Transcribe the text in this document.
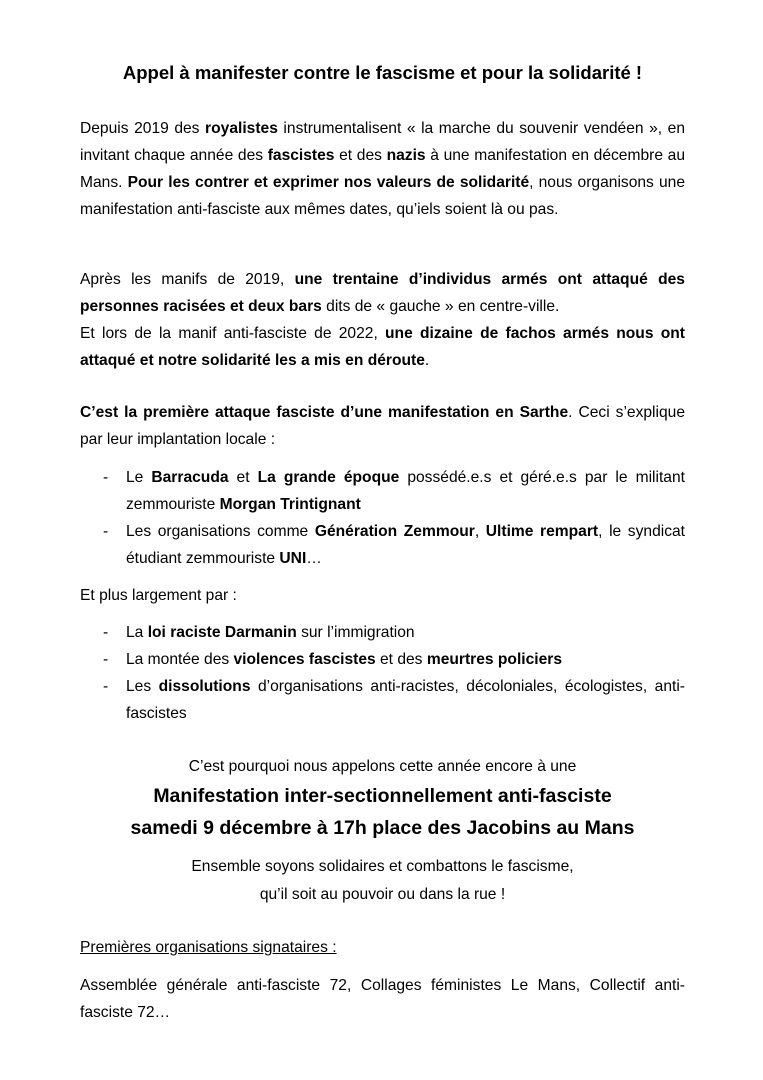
Appel à manifester contre le fascisme et pour la solidarité !

Depuis 2019 des royalistes instrumentalisent « la marche du souvenir vendéen », en invitant chaque année des fascistes et des nazis à une manifestation en décembre au Mans. Pour les contrer et exprimer nos valeurs de solidarité, nous organisons une manifestation anti-fasciste aux mêmes dates, qu’iels soient là ou pas.

Après les manifs de 2019, une trentaine d’individus armés ont attaqué des personnes racisées et deux bars dits de « gauche » en centre-ville.
Et lors de la manif anti-fasciste de 2022, une dizaine de fachos armés nous ont attaqué et notre solidarité les a mis en déroute.

C’est la première attaque fasciste d’une manifestation en Sarthe. Ceci s’explique par leur implantation locale :

- Le Barracuda et La grande époque possédé.e.s et géré.e.s par le militant zemmouriste Morgan Trintignant
- Les organisations comme Génération Zemmour, Ultime rempart, le syndicat étudiant zemmouriste UNI…

Et plus largement par :

- La loi raciste Darmanin sur l’immigration
- La montée des violences fascistes et des meurtres policiers
- Les dissolutions d’organisations anti-racistes, décoloniales, écologistes, anti-fascistes

C’est pourquoi nous appelons cette année encore à une

Manifestation inter-sectionnellement anti-fasciste

samedi 9 décembre à 17h place des Jacobins au Mans

Ensemble soyons solidaires et combattons le fascisme,

qu’il soit au pouvoir ou dans la rue !

Premières organisations signataires :

Assemblée générale anti-fasciste 72, Collages féministes Le Mans, Collectif anti-fasciste 72…
